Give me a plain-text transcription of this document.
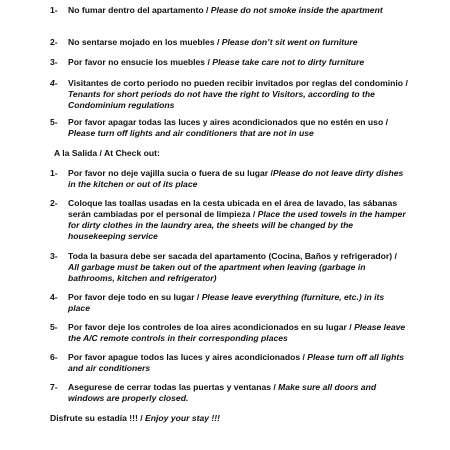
1-	No fumar dentro del apartamento / Please do not smoke inside the apartment
2-	No sentarse mojado en los muebles / Please don’t sit went on furniture
3-	Por favor no ensucie los muebles / Please take care not to dirty furniture
4-	Visitantes de corto periodo no pueden recibir invitados por reglas del condominio / Tenants for short periods do not have the right to Visitors, according to the Condominium regulations
5-	Por favor apagar todas las luces y aires acondicionados que no estén en uso / Please turn off lights and air conditioners that are not in use
A la Salida / At Check out:
1-	Por favor no deje vajilla sucia o fuera de su lugar /Please do not leave dirty dishes in the kitchen or out of its place
2-	Coloque las toallas usadas en la cesta ubicada en el área de lavado, las sábanas serán cambiadas por el personal de limpieza / Place the used towels in the hamper for dirty clothes in the laundry area, the sheets will be changed by the housekeeping service
3-	Toda la basura debe ser sacada del apartamento (Cocina, Baños y refrigerador) / All garbage must be taken out of the apartment when leaving (garbage in bathrooms, kitchen and refrigerator)
4-	Por favor deje todo en su lugar / Please leave everything (furniture, etc.) in its place
5-	Por favor deje los controles de loa aires acondicionados en su lugar / Please leave the A/C remote controls in their corresponding places
6-	Por favor apague todos las luces y aires acondicionados / Please turn off all lights and air conditioners
7-	Asegurese de cerrar todas las puertas y ventanas / Make sure all doors and windows are properly closed.
Disfrute su estadía !!! / Enjoy your stay !!!
